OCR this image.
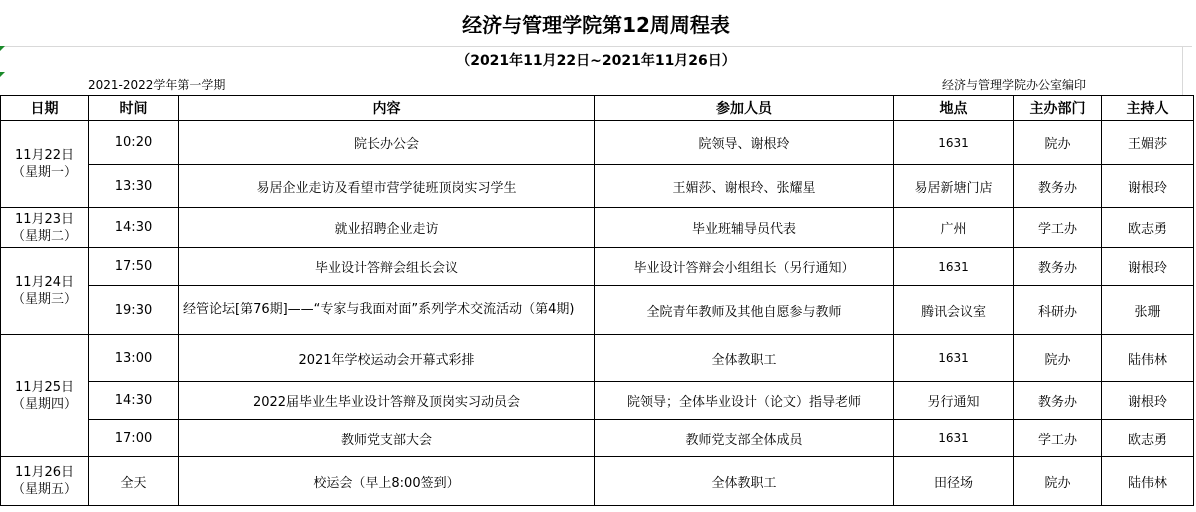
经济与管理学院第12周周程表
（2021年11月22日~2021年11月26日）
2021-2022学年第一学期	经济与管理学院办公室编印
日期	时间	内容	参加人员	地点	主办部门	主持人

11月22日
（星期一）	10:20	院长办公会	院领导、谢根玲	1631	院办	王媚莎
	13:30	易居企业走访及看望市营学徒班顶岗实习学生	王媚莎、谢根玲、张耀星	易居新塘门店	教务办	谢根玲

11月23日
（星期二）	14:30	就业招聘企业走访	毕业班辅导员代表	广州	学工办	欧志勇

11月24日
（星期三）	17:50	毕业设计答辩会组长会议	毕业设计答辩会小组组长（另行通知）	1631	教务办	谢根玲
	19:30	经管论坛[第76期]——“专家与我面对面”系列学术交流活动（第4期)	全院青年教师及其他自愿参与教师	腾讯会议室	科研办	张珊

11月25日
（星期四）	13:00	2021年学校运动会开幕式彩排	全体教职工	1631	院办	陆伟林
	14:30	2022届毕业生毕业设计答辩及顶岗实习动员会	院领导；全体毕业设计（论文）指导老师	另行通知	教务办	谢根玲
	17:00	教师党支部大会	教师党支部全体成员	1631	学工办	欧志勇

11月26日
（星期五）	全天	校运会（早上8:00签到）	全体教职工	田径场	院办	陆伟林
